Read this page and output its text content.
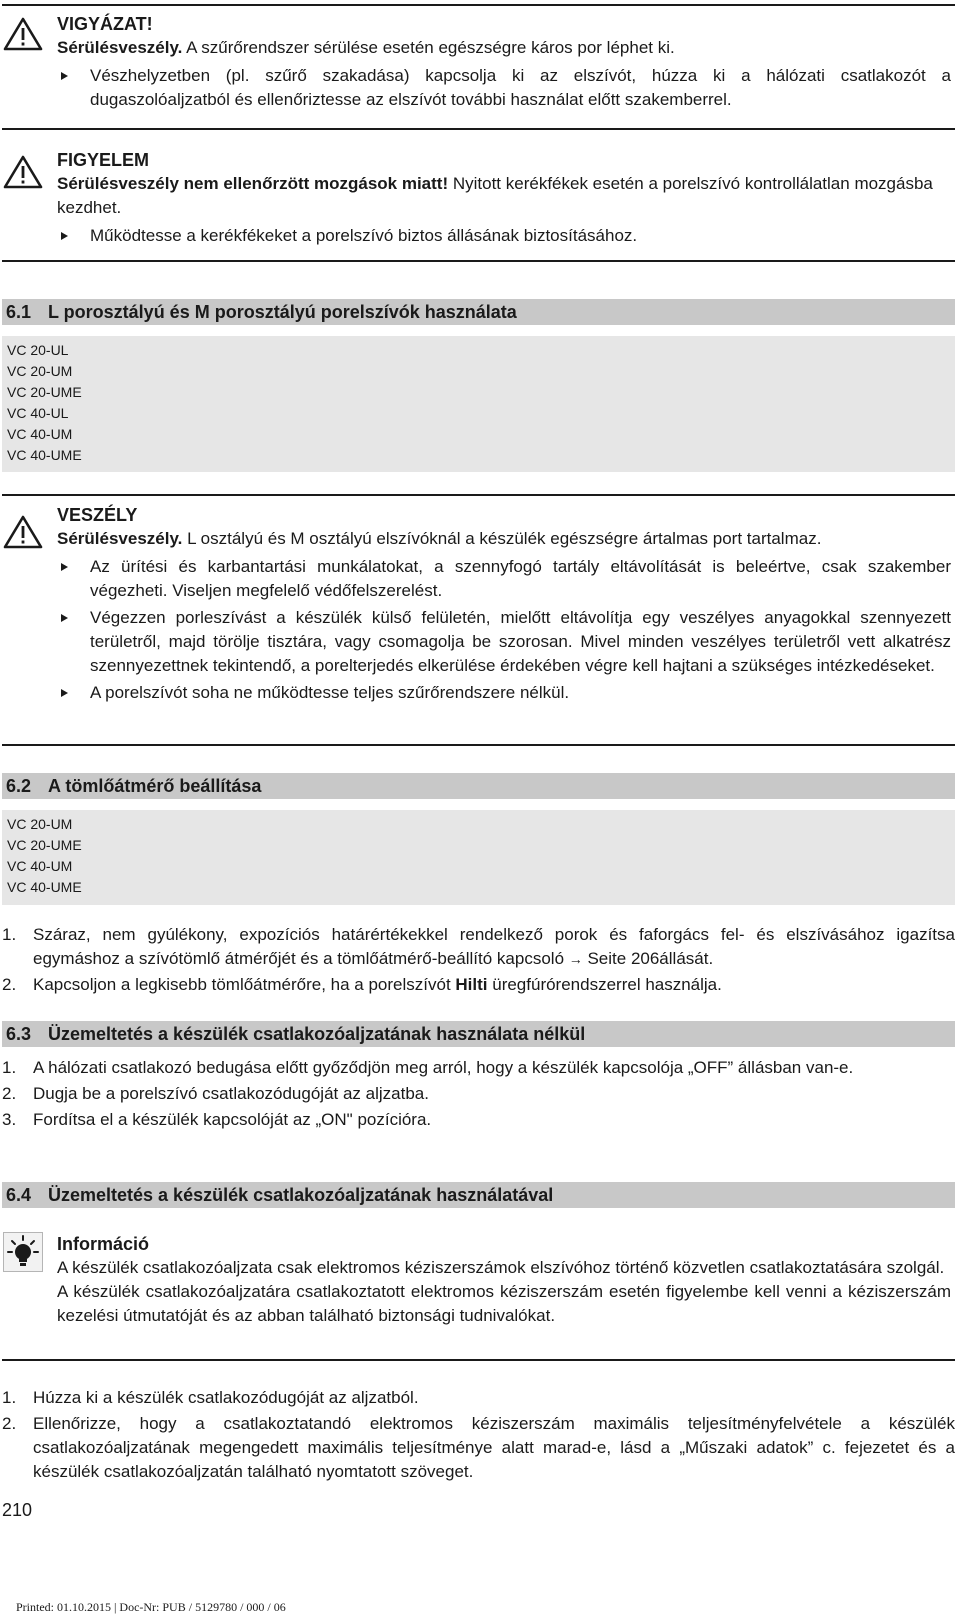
VIGYÁZAT!

Sérülésveszély. A szűrőrendszer sérülése esetén egészségre káros por léphet ki.

Vészhelyzetben (pl. szűrő szakadása) kapcsolja ki az elszívót, húzza ki a hálózati csatlakozót a dugaszolóaljzatból és ellenőriztesse az elszívót további használat előtt szakemberrel.
FIGYELEM

Sérülésveszély nem ellenőrzött mozgások miatt! Nyitott kerékfékek esetén a porelszívó kontrollálatlan mozgásba kezdhet.

Működtesse a kerékfékeket a porelszívó biztos állásának biztosításához.
6.1 L porosztályú és M porosztályú porelszívók használata
VC 20-UL
VC 20-UM
VC 20-UME
VC 40-UL
VC 40-UM
VC 40-UME
VESZÉLY

Sérülésveszély. L osztályú és M osztályú elszívóknál a készülék egészségre ártalmas port tartalmaz.

Az ürítési és karbantartási munkálatokat, a szennyfogó tartály eltávolítását is beleértve, csak szakember végezheti. Viseljen megfelelő védőfelszerelést.
Végezzen porleszívást a készülék külső felületén, mielőtt eltávolítja egy veszélyes anyagokkal szennyezett területről, majd törölje tisztára, vagy csomagolja be szorosan. Mivel minden veszélyes területről vett alkatrész szennyezettnek tekintendő, a porelterjedés elkerülése érdekében végre kell hajtani a szükséges intézkedéseket.
A porelszívót soha ne működtesse teljes szűrőrendszere nélkül.
6.2 A tömlőátmérő beállítása
VC 20-UM
VC 20-UME
VC 40-UM
VC 40-UME
1. Száraz, nem gyúlékony, expozíciós határértékekkel rendelkező porok és faforgács fel- és elszívásához igazítsa egymáshoz a szívótömlő átmérőjét és a tömlőátmérő-beállító kapcsoló → Seite 206állását.
2. Kapcsoljon a legkisebb tömlőátmérőre, ha a porelszívót Hilti üregfúrórendszerrel használja.
6.3 Üzemeltetés a készülék csatlakozóaljzatának használata nélkül
1. A hálózati csatlakozó bedugása előtt győződjön meg arról, hogy a készülék kapcsolója „OFF” állásban van-e.
2. Dugja be a porelszívó csatlakozódugóját az aljzatba.
3. Fordítsa el a készülék kapcsolóját az „ON" pozícióra.
6.4 Üzemeltetés a készülék csatlakozóaljzatának használatával
Információ

A készülék csatlakozóaljzata csak elektromos kéziszerszámok elszívóhoz történő közvetlen csatlakoztatására szolgál.

A készülék csatlakozóaljzatára csatlakoztatott elektromos kéziszerszám esetén figyelembe kell venni a kéziszerszám kezelési útmutatóját és az abban található biztonsági tudnivalókat.

1. Húzza ki a készülék csatlakozódugóját az aljzatból.
2. Ellenőrizze, hogy a csatlakoztatandó elektromos kéziszerszám maximális teljesítményfelvétele a készülék csatlakozóaljzatának megengedett maximális teljesítménye alatt marad-e, lásd a „Műszaki adatok” c. fejezetet és a készülék csatlakozóaljzatán található nyomtatott szöveget.
210
Printed: 01.10.2015 | Doc-Nr: PUB / 5129780 / 000 / 06
